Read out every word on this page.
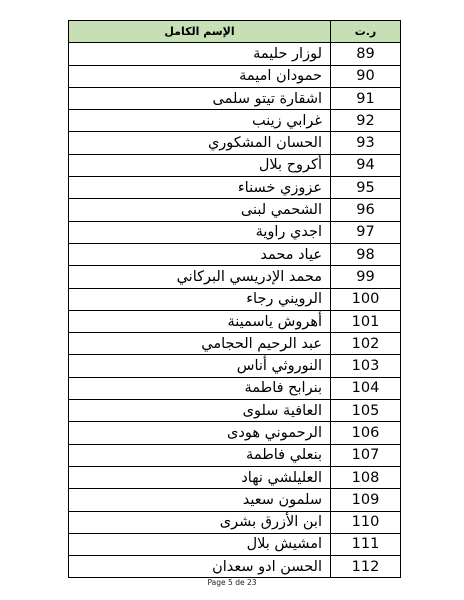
الإسم الكامل	ر.ت
لوزار حليمة	89
حمودان اميمة	90
اشقارة تيتو سلمى	91
غرابي زينب	92
الحسان المشكوري	93
أكروح بلال	94
عزوزي خسناء	95
الشحمي لبنى	96
اجدي راوية	97
عياد محمد	98
محمد الإدريسي البركاني	99
الرويني رجاء	100
أهروش ياسمينة	101
عبد الرحيم الحجامي	102
النوروثي أناس	103
بنرابح فاطمة	104
العافية سلوى	105
الرحموني هودى	106
بنعلي فاطمة	107
العليلشي نهاد	108
سلمون سعيد	109
ابن الأزرق بشرى	110
امشيش بلال	111
الحسن ادو سعدان	112
Page 5 de 23
